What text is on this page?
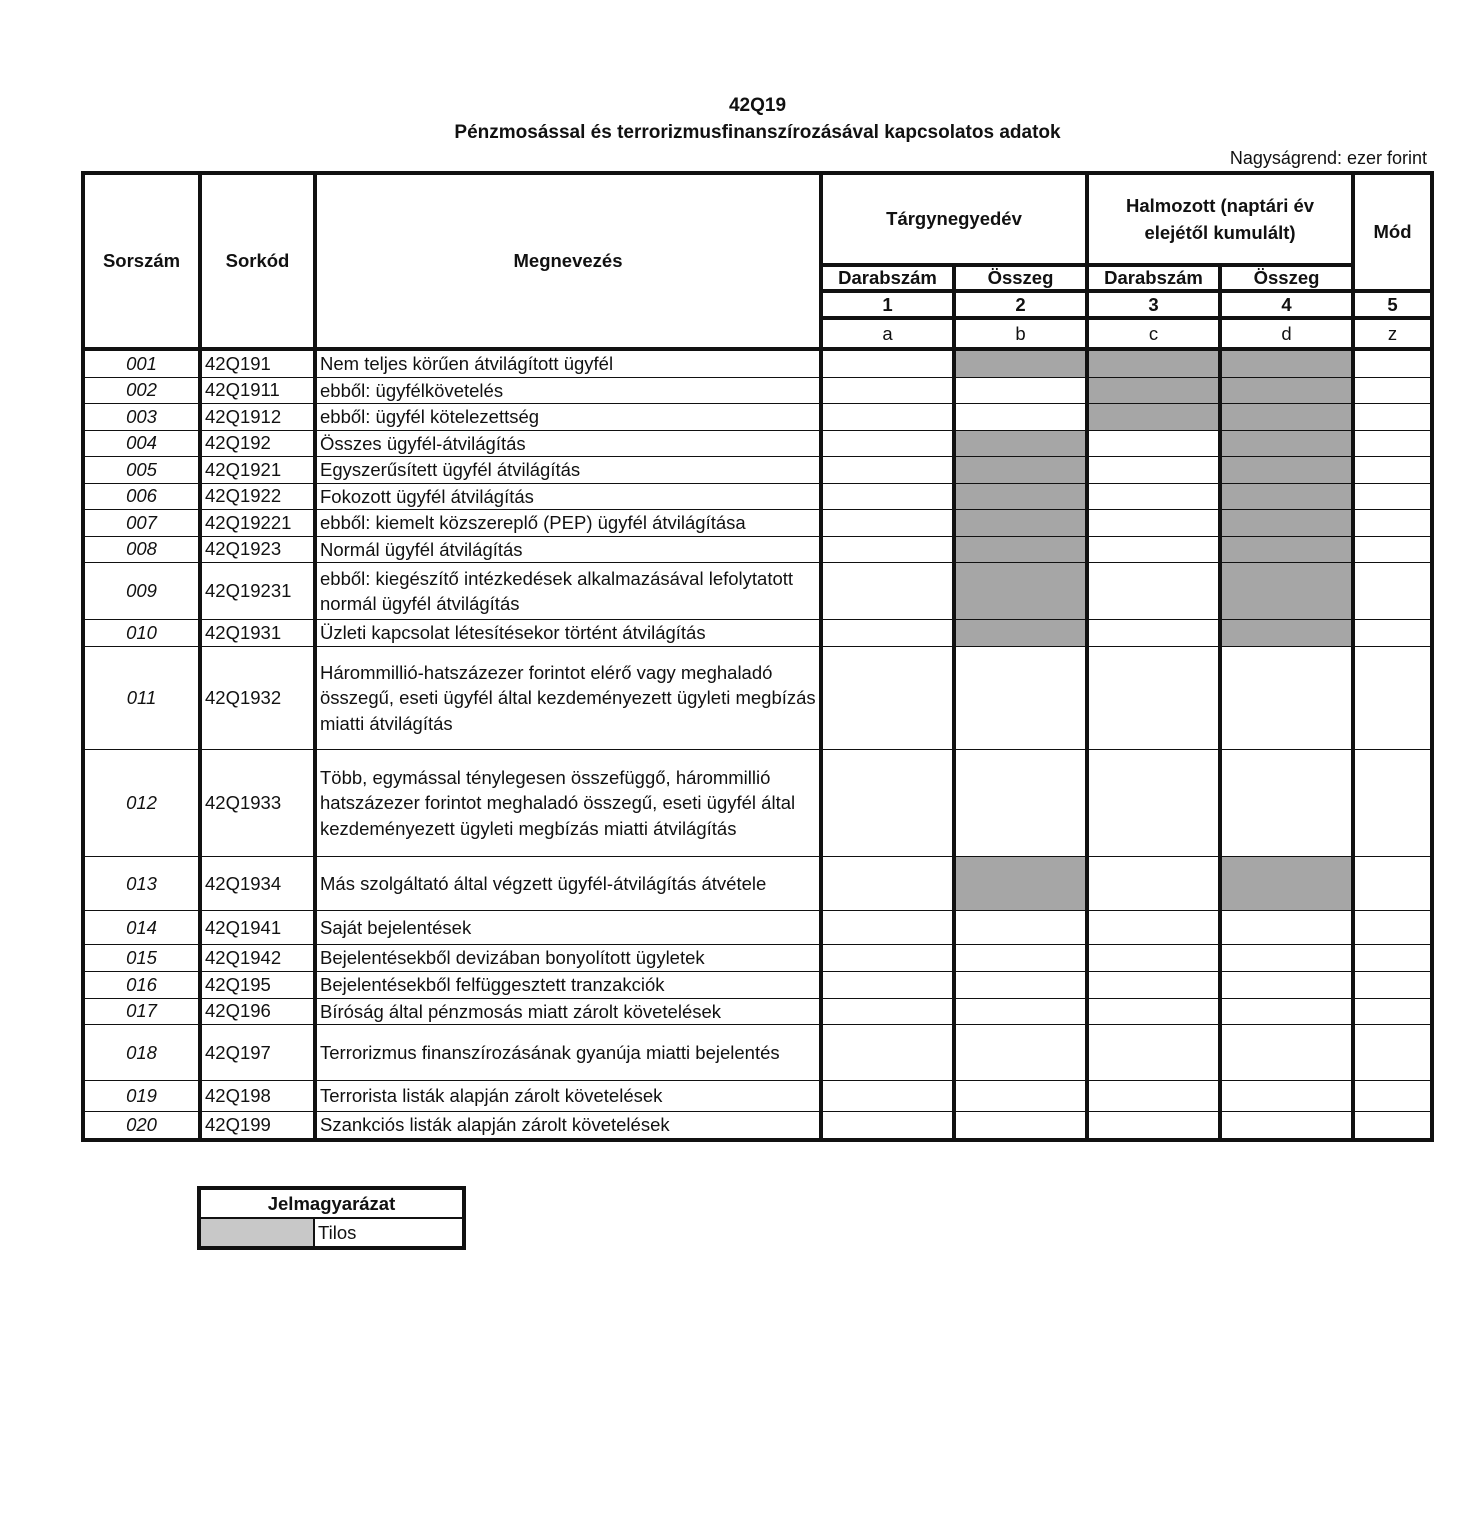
42Q19
Pénzmosással és terrorizmusfinanszírozásával kapcsolatos adatok
Nagyságrend: ezer forint
Sorszám	Sorkód	Megnevezés	Tárgynegyedév		Halmozott (naptári év elejétől kumulált)		Mód
			Darabszám	Összeg	Darabszám	Összeg	
			1	2	3	4	5
			a	b	c	d	z
001	42Q191	Nem teljes körűen átvilágított ügyfél					
002	42Q1911	ebből: ügyfélkövetelés					
003	42Q1912	ebből: ügyfél kötelezettség					
004	42Q192	Összes ügyfél-átvilágítás					
005	42Q1921	Egyszerűsített ügyfél átvilágítás					
006	42Q1922	Fokozott ügyfél átvilágítás					
007	42Q19221	ebből: kiemelt közszereplő (PEP) ügyfél átvilágítása					
008	42Q1923	Normál ügyfél átvilágítás					
009	42Q19231	ebből: kiegészítő intézkedések alkalmazásával lefolytatott normál ügyfél átvilágítás					
010	42Q1931	Üzleti kapcsolat létesítésekor történt átvilágítás					
011	42Q1932	Hárommillió-hatszázezer forintot elérő vagy meghaladó összegű, eseti ügyfél által kezdeményezett ügyleti megbízás miatti átvilágítás					
012	42Q1933	Több, egymással ténylegesen összefüggő, hárommillió hatszázezer forintot meghaladó összegű, eseti ügyfél által kezdeményezett ügyleti megbízás miatti átvilágítás					
013	42Q1934	Más szolgáltató által végzett ügyfél-átvilágítás átvétele					
014	42Q1941	Saját bejelentések					
015	42Q1942	Bejelentésekből devizában bonyolított ügyletek					
016	42Q195	Bejelentésekből felfüggesztett tranzakciók					
017	42Q196	Bíróság által pénzmosás miatt zárolt követelések					
018	42Q197	Terrorizmus finanszírozásának gyanúja miatti bejelentés					
019	42Q198	Terrorista listák alapján zárolt követelések					
020	42Q199	Szankciós listák alapján zárolt követelések					
Jelmagyarázat
	Tilos
